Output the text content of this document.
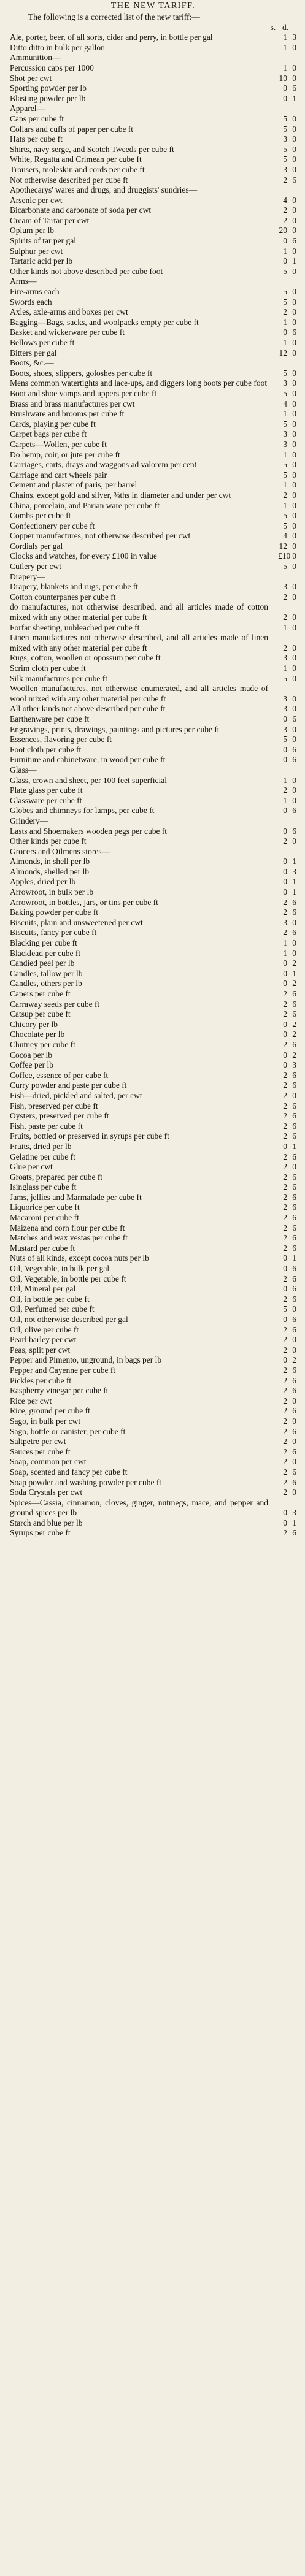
THE NEW TARIFF.

The following is a corrected list of the new tariff:—

s. d.
Ale, porter, beer, of all sorts, cider and perry, in bottle per gal	1 3
Ditto ditto in bulk per gallon	1 0
Ammunition—
Percussion caps per 1000	1 0
Shot per cwt	10 0
Sporting powder per lb	0 6
Blasting powder per lb	0 1
Apparel—
Caps per cube ft	5 0
Collars and cuffs of paper per cube ft	5 0
Hats per cube ft	3 0
Shirts, navy serge, and Scotch Tweeds per cube ft	5 0
White, Regatta and Crimean per cube ft	5 0
Trousers, moleskin and cords per cube ft	3 0
Not otherwise described per cube ft	2 6
Apothecarys' wares and drugs, and druggists' sundries—
Arsenic per cwt	4 0
Bicarbonate and carbonate of soda per cwt	2 0
Cream of Tartar per cwt	2 0
Opium per lb	20 0
Spirits of tar per gal	0 6
Sulphur per cwt	1 0
Tartaric acid per lb	0 1
Other kinds not above described per cube foot	5 0
Arms—
Fire-arms each	5 0
Swords each	5 0
Axles, axle-arms and boxes per cwt	2 0
Bagging—Bags, sacks, and woolpacks empty per cube ft	1 0
Basket and wickerware per cube ft	0 6
Bellows per cube ft	1 0
Bitters per gal	12 0
Boots, &c.—
Boots, shoes, slippers, goloshes per cube ft	5 0
Mens common watertights and lace-ups, and diggers long boots per cube foot	3 0
Boot and shoe vamps and uppers per cube ft	5 0
Brass and brass manufactures per cwt	4 0
Brushware and brooms per cube ft	1 0
Cards, playing per cube ft	5 0
Carpet bags per cube ft	3 0
Carpets—Wollen, per cube ft	3 0
Do hemp, coir, or jute per cube ft	1 0
Carriages, carts, drays and waggons ad valorem per cent	5 0
Carriage and cart wheels pair	5 0
Cement and plaster of paris, per barrel	1 0
Chains, except gold and silver, ⅜ths in diameter and under per cwt	2 0
China, porcelain, and Parian ware per cube ft	1 0
Combs per cube ft	5 0
Confectionery per cube ft	5 0
Copper manufactures, not otherwise described per cwt	4 0
Cordials per gal	12 0
Clocks and watches, for every £100 in value	£10 0
Cutlery per cwt	5 0
Drapery—
Drapery, blankets and rugs, per cube ft	3 0
Cotton counterpanes per cube ft	2 0
do manufactures, not otherwise described, and all articles made of cotton mixed with any other material per cube ft	2 0
Forfar sheeting, unbleached per cube ft	1 0
Linen manufactures not otherwise described, and all articles made of linen mixed with any other material per cube ft	2 0
Rugs, cotton, woollen or opossum per cube ft	3 0
Scrim cloth per cube ft	1 0
Silk manufactures per cube ft	5 0
Woollen manufactures, not otherwise enumerated, and all articles made of wool mixed with any other material per cube ft	3 0
All other kinds not above described per cube ft	3 0
Earthenware per cube ft	0 6
Engravings, prints, drawings, paintings and pictures per cube ft	3 0
Essences, flavoring per cube ft	5 0
Foot cloth per cube ft	0 6
Furniture and cabinetware, in wood per cube ft	0 6
Glass—
Glass, crown and sheet, per 100 feet superficial	1 0
Plate glass per cube ft	2 0
Glassware per cube ft	1 0
Globes and chimneys for lamps, per cube ft	0 6
Grindery—
Lasts and Shoemakers wooden pegs per cube ft	0 6
Other kinds per cube ft	2 0
Grocers and Oilmens stores—
Almonds, in shell per lb	0 1
Almonds, shelled per lb	0 3
Apples, dried per lb	0 1
Arrowroot, in bulk per lb	0 1
Arrowroot, in bottles, jars, or tins per cube ft	2 6
Baking powder per cube ft	2 6
Biscuits, plain and unsweetened per cwt	3 0
Biscuits, fancy per cube ft	2 6
Blacking per cube ft	1 0
Blacklead per cube ft	1 0
Candied peel per lb	0 2
Candles, tallow per lb	0 1
Candles, others per lb	0 2
Capers per cube ft	2 6
Carraway seeds per cube ft	2 6
Catsup per cube ft	2 6
Chicory per lb	0 2
Chocolate per lb	0 2
Chutney per cube ft	2 6
Cocoa per lb	0 2
Coffee per lb	0 3
Coffee, essence of per cube ft	2 6
Curry powder and paste per cube ft	2 6
Fish—dried, pickled and salted, per cwt	2 0
Fish, preserved per cube ft	2 6
Oysters, preserved per cube ft	2 6
Fish, paste per cube ft	2 6
Fruits, bottled or preserved in syrups per cube ft	2 6
Fruits, dried per lb	0 1
Gelatine per cube ft	2 6
Glue per cwt	2 0
Groats, prepared per cube ft	2 6
Isinglass per cube ft	2 6
Jams, jellies and Marmalade per cube ft	2 6
Liquorice per cube ft	2 6
Macaroni per cube ft	2 6
Maizena and corn flour per cube ft	2 6
Matches and wax vestas per cube ft	2 6
Mustard per cube ft	2 6
Nuts of all kinds, except cocoa nuts per lb	0 1
Oil, Vegetable, in bulk per gal	0 6
Oil, Vegetable, in bottle per cube ft	2 6
Oil, Mineral per gal	0 6
Oil, in bottle per cube ft	2 6
Oil, Perfumed per cube ft	5 0
Oil, not otherwise described per gal	0 6
Oil, olive per cube ft	2 6
Pearl barley per cwt	2 0
Peas, split per cwt	2 0
Pepper and Pimento, unground, in bags per lb	0 2
Pepper and Cayenne per cube ft	2 6
Pickles per cube ft	2 6
Raspberry vinegar per cube ft	2 6
Rice per cwt	2 0
Rice, ground per cube ft	2 6
Sago, in bulk per cwt	2 0
Sago, bottle or canister, per cube ft	2 6
Saltpetre per cwt	2 0
Sauces per cube ft	2 6
Soap, common per cwt	2 0
Soap, scented and fancy per cube ft	2 6
Soap powder and washing powder per cube ft	2 6
Soda Crystals per cwt	2 0
Spices—Cassia, cinnamon, cloves, ginger, nutmegs, mace, and pepper and ground spices per lb	0 3
Starch and blue per lb	0 1
Syrups per cube ft	2 6
